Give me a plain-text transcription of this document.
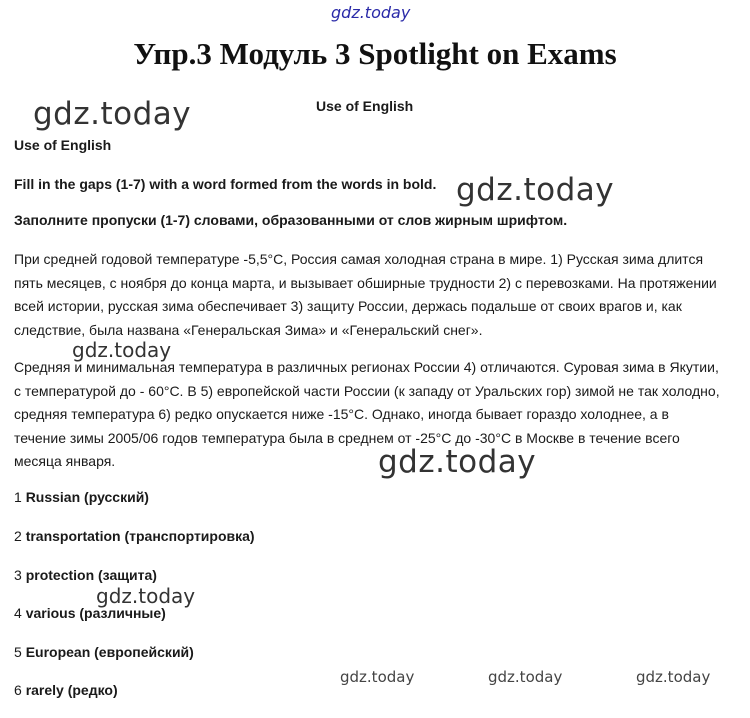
gdz.today
Упр.3 Модуль 3 Spotlight on Exams
gdz.today	Use of English
Use of English
Fill in the gaps (1-7) with a word formed from the words in bold. gdz.today
Заполните пропуски (1-7) словами, образованными от слов жирным шрифтом.

При средней годовой температуре -5,5°C, Россия самая холодная страна в мире. 1) Русская зима длится пять месяцев, с ноября до конца марта, и вызывает обширные трудности 2) с перевозками. На протяжении всей истории, русская зима обеспечивает 3) защиту России, держась подальше от своих врагов и, как следствие, была названа «Генеральская Зима» и «Генеральский снег».

gdz.today

Средняя и минимальная температура в различных регионах России 4) отличаются. Суровая зима в Якутии, с температурой до - 60°C. В 5) европейской части России (к западу от Уральских гор) зимой не так холодно, средняя температура 6) редко опускается ниже -15°C. Однако, иногда бывает гораздо холоднее, а в течение зимы 2005/06 годов температура была в среднем от -25°C до -30°C в Москве в течение всего месяца января.	gdz.today
1 Russian (русский)
2 transportation (транспортировка)
3 protection (защита)
gdz.today
4 various (различные)
5 European (европейский)
gdz.today	gdz.today	gdz.today
6 rarely (редко)
